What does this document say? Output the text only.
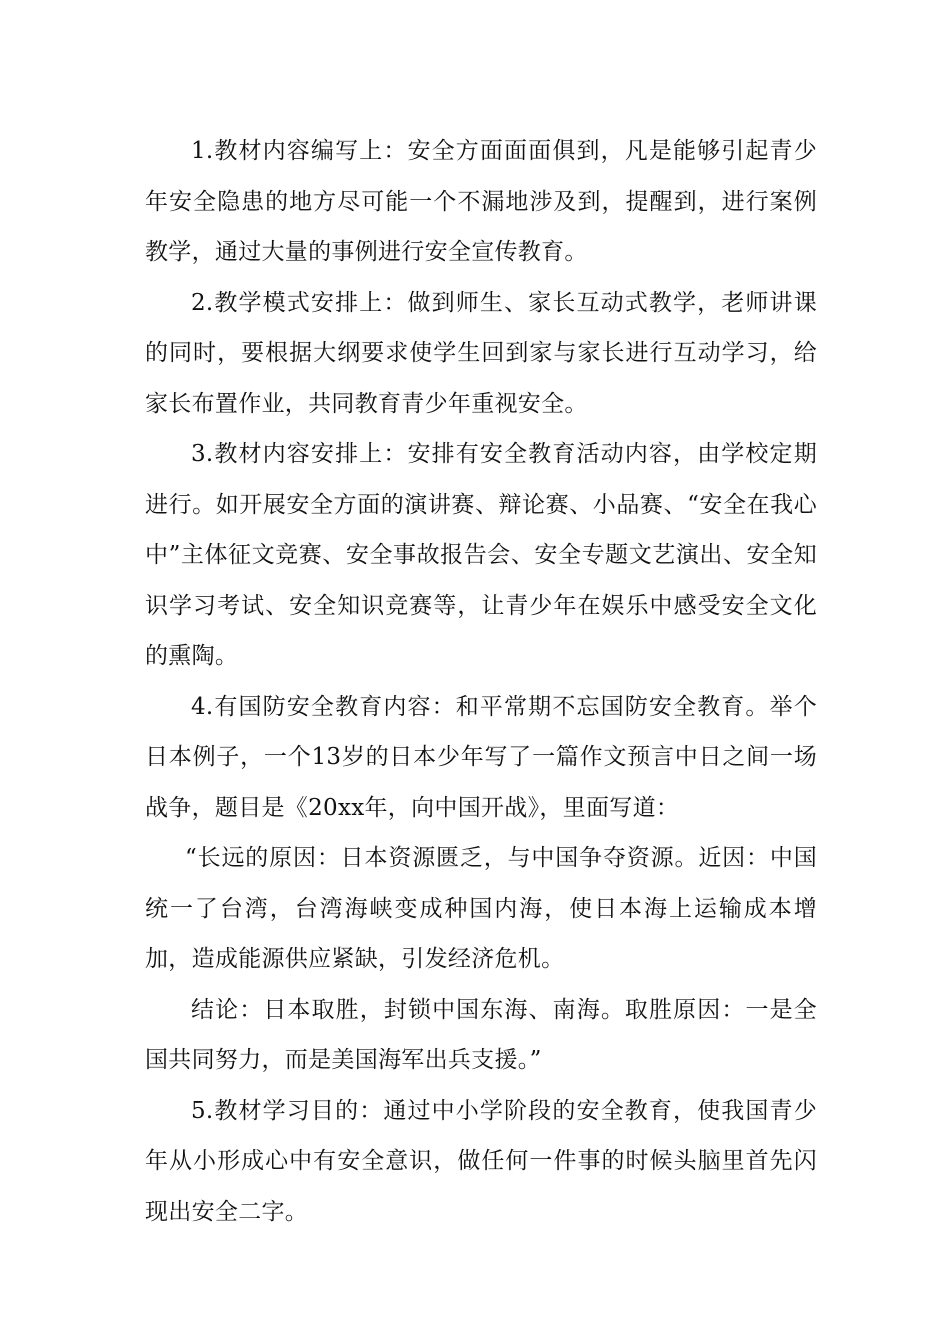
1.教材内容编写上：安全方面面面俱到，凡是能够引起青少年安全隐患的地方尽可能一个不漏地涉及到，提醒到，进行案例教学，通过大量的事例进行安全宣传教育。

2.教学模式安排上：做到师生、家长互动式教学，老师讲课的同时，要根据大纲要求使学生回到家与家长进行互动学习，给家长布置作业，共同教育青少年重视安全。

3.教材内容安排上：安排有安全教育活动内容，由学校定期进行。如开展安全方面的演讲赛、辩论赛、小品赛、“安全在我心中”主体征文竞赛、安全事故报告会、安全专题文艺演出、安全知识学习考试、安全知识竞赛等，让青少年在娱乐中感受安全文化的熏陶。

4.有国防安全教育内容：和平常期不忘国防安全教育。举个日本例子，一个13岁的日本少年写了一篇作文预言中日之间一场战争，题目是《20xx年，向中国开战》，里面写道：

“长远的原因：日本资源匮乏，与中国争夺资源。近因：中国统一了台湾，台湾海峡变成种国内海，使日本海上运输成本增加，造成能源供应紧缺，引发经济危机。

结论：日本取胜，封锁中国东海、南海。取胜原因：一是全国共同努力，而是美国海军出兵支援。”

5.教材学习目的：通过中小学阶段的安全教育，使我国青少年从小形成心中有安全意识，做任何一件事的时候头脑里首先闪现出安全二字。
